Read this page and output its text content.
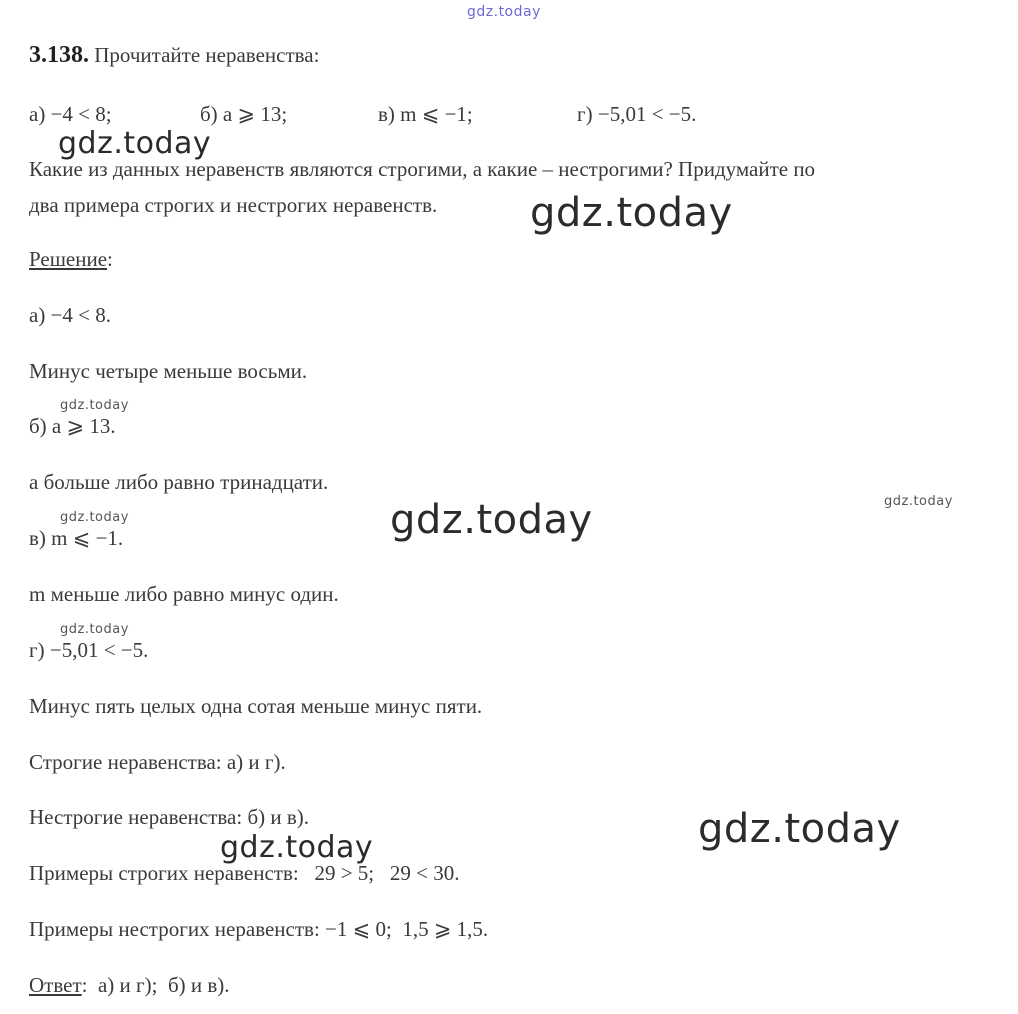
gdz.today
3.138. Прочитайте неравенства:
а) −4 < 8;	б) a ⩾ 13;	в) m ⩽ −1;	г) −5,01 < −5.
Какие из данных неравенств являются строгими, а какие – нестрогими? Придумайте по
два примера строгих и нестрогих неравенств.
Решение:
а) −4 < 8.
Минус четыре меньше восьми.
б) a ⩾ 13.
а больше либо равно тринадцати.
в) m ⩽ −1.
m меньше либо равно минус один.
г) −5,01 < −5.
Минус пять целых одна сотая меньше минус пяти.
Строгие неравенства: а) и г).
Нестрогие неравенства: б) и в).
Примеры строгих неравенств:   29 > 5;   29 < 30.
Примеры нестрогих неравенств: −1 ⩽ 0;  1,5 ⩾ 1,5.
Ответ:  а) и г);  б) и в).
gdz.today
gdz.today
gdz.today
gdz.today
gdz.today
gdz.today
gdz.today
gdz.today
gdz.today
